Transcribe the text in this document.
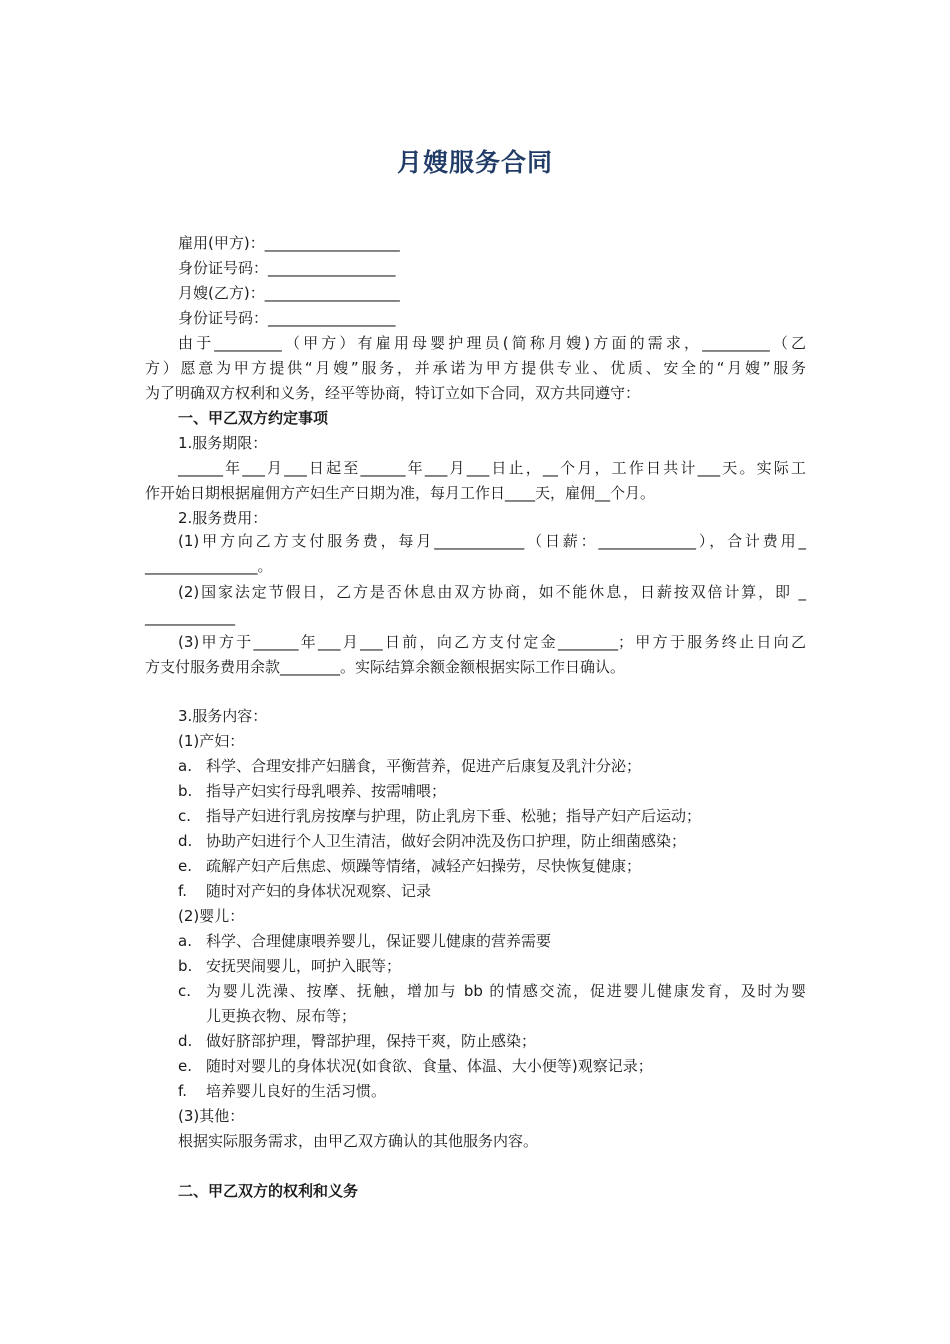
月嫂服务合同
雇用(甲方)：__________________
身份证号码：_________________
月嫂(乙方)：__________________
身份证号码：_________________
由于_________（甲方）有雇用母婴护理员(简称月嫂)方面的需求，_________（乙
方）愿意为甲方提供“月嫂”服务，并承诺为甲方提供专业、优质、安全的“月嫂”服务
为了明确双方权利和义务，经平等协商，特订立如下合同，双方共同遵守：
一、甲乙双方约定事项
1.服务期限：
______年___月___日起至______年___月___日止，__个月，工作日共计___天。实际工
作开始日期根据雇佣方产妇生产日期为准，每月工作日____天，雇佣__个月。
2.服务费用：
(1)甲方向乙方支付服务费，每月____________（日薪：_____________），合计费用_
_______________。
(2)国家法定节假日，乙方是否休息由双方协商，如不能休息，日薪按双倍计算，即 _
____________
(3)甲方于______年___月___日前，向乙方支付定金________；甲方于服务终止日向乙
方支付服务费用余款________。实际结算余额金额根据实际工作日确认。
3.服务内容：
(1)产妇：
a. 科学、合理安排产妇膳食，平衡营养，促进产后康复及乳汁分泌；
b. 指导产妇实行母乳喂养、按需哺喂；
c. 指导产妇进行乳房按摩与护理，防止乳房下垂、松驰；指导产妇产后运动；
d. 协助产妇进行个人卫生清洁，做好会阴冲洗及伤口护理，防止细菌感染；
e. 疏解产妇产后焦虑、烦躁等情绪，减轻产妇操劳，尽快恢复健康；
f. 随时对产妇的身体状况观察、记录
(2)婴儿：
a. 科学、合理健康喂养婴儿，保证婴儿健康的营养需要
b. 安抚哭闹婴儿，呵护入眠等；
c. 为婴儿洗澡、按摩、抚触，增加与 bb 的情感交流，促进婴儿健康发育，及时为婴
儿更换衣物、尿布等；
d. 做好脐部护理，臀部护理，保持干爽，防止感染；
e. 随时对婴儿的身体状况(如食欲、食量、体温、大小便等)观察记录；
f. 培养婴儿良好的生活习惯。
(3)其他：
根据实际服务需求，由甲乙双方确认的其他服务内容。
二、甲乙双方的权利和义务
